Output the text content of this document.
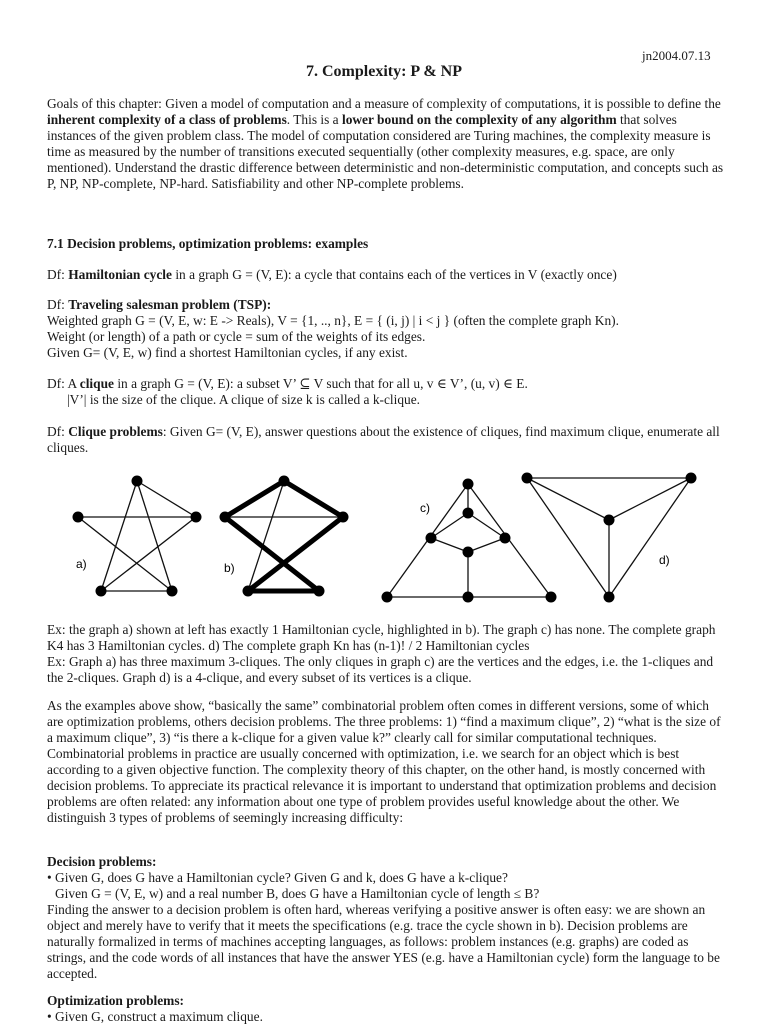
jn2004.07.13
7. Complexity: P & NP

Goals of this chapter: Given a model of computation and a measure of complexity of computations, it is possible to define the inherent complexity of a class of problems. This is a lower bound on the complexity of any algorithm that solves instances of the given problem class. The model of computation considered are Turing machines, the complexity measure is time as measured by the number of transitions executed sequentially (other complexity measures, e.g. space, are only mentioned). Understand the drastic difference between deterministic and non-deterministic computation, and concepts such as P, NP, NP-complete, NP-hard. Satisfiability and other NP-complete problems.

7.1 Decision problems, optimization problems: examples

Df: Hamiltonian cycle in a graph G = (V, E): a cycle that contains each of the vertices in V (exactly once)

Df: Traveling salesman problem (TSP):

Weighted graph G = (V, E, w: E -> Reals), V = {1, .., n}, E = { (i, j) | i < j } (often the complete graph Kn).

Weight (or length) of a path or cycle = sum of the weights of its edges.

Given G= (V, E, w) find a shortest Hamiltonian cycles, if any exist.

Df: A clique in a graph G = (V, E): a subset V’ ⊆ V such that for all u, v ∈ V’, (u, v) ∈ E.

|V’| is the size of the clique. A clique of size k is called a k-clique.

Df: Clique problems: Given G= (V, E), answer questions about the existence of cliques, find maximum clique, enumerate all cliques.

a)	b)
c)
d)

Ex: the graph a) shown at left has exactly 1 Hamiltonian cycle, highlighted in b). The graph c) has none. The complete graph K4 has 3 Hamiltonian cycles. d) The complete graph Kn has (n-1)! / 2 Hamiltonian cycles

Ex: Graph a) has three maximum 3-cliques. The only cliques in graph c) are the vertices and the edges, i.e. the 1-cliques and the 2-cliques. Graph d) is a 4-clique, and every subset of its vertices is a clique.

As the examples above show, “basically the same” combinatorial problem often comes in different versions, some of which are optimization problems, others decision problems. The three problems: 1) “find a maximum clique”, 2) “what is the size of a maximum clique”, 3) “is there a k-clique for a given value k?” clearly call for similar computational techniques. Combinatorial problems in practice are usually concerned with optimization, i.e. we search for an object which is best according to a given objective function. The complexity theory of this chapter, on the other hand, is mostly concerned with decision problems. To appreciate its practical relevance it is important to understand that optimization problems and decision problems are often related: any information about one type of problem provides useful knowledge about the other. We distinguish 3 types of problems of seemingly increasing difficulty:

Decision problems:

• Given G, does G have a Hamiltonian cycle? Given G and k, does G have a k-clique?

Given G = (V, E, w) and a real number B, does G have a Hamiltonian cycle of length ≤ B?

Finding the answer to a decision problem is often hard, whereas verifying a positive answer is often easy: we are shown an object and merely have to verify that it meets the specifications (e.g. trace the cycle shown in b). Decision problems are naturally formalized in terms of machines accepting languages, as follows: problem instances (e.g. graphs) are coded as strings, and the code words of all instances that have the answer YES (e.g. have a Hamiltonian cycle) form the language to be accepted.

Optimization problems:

• Given G, construct a maximum clique.
